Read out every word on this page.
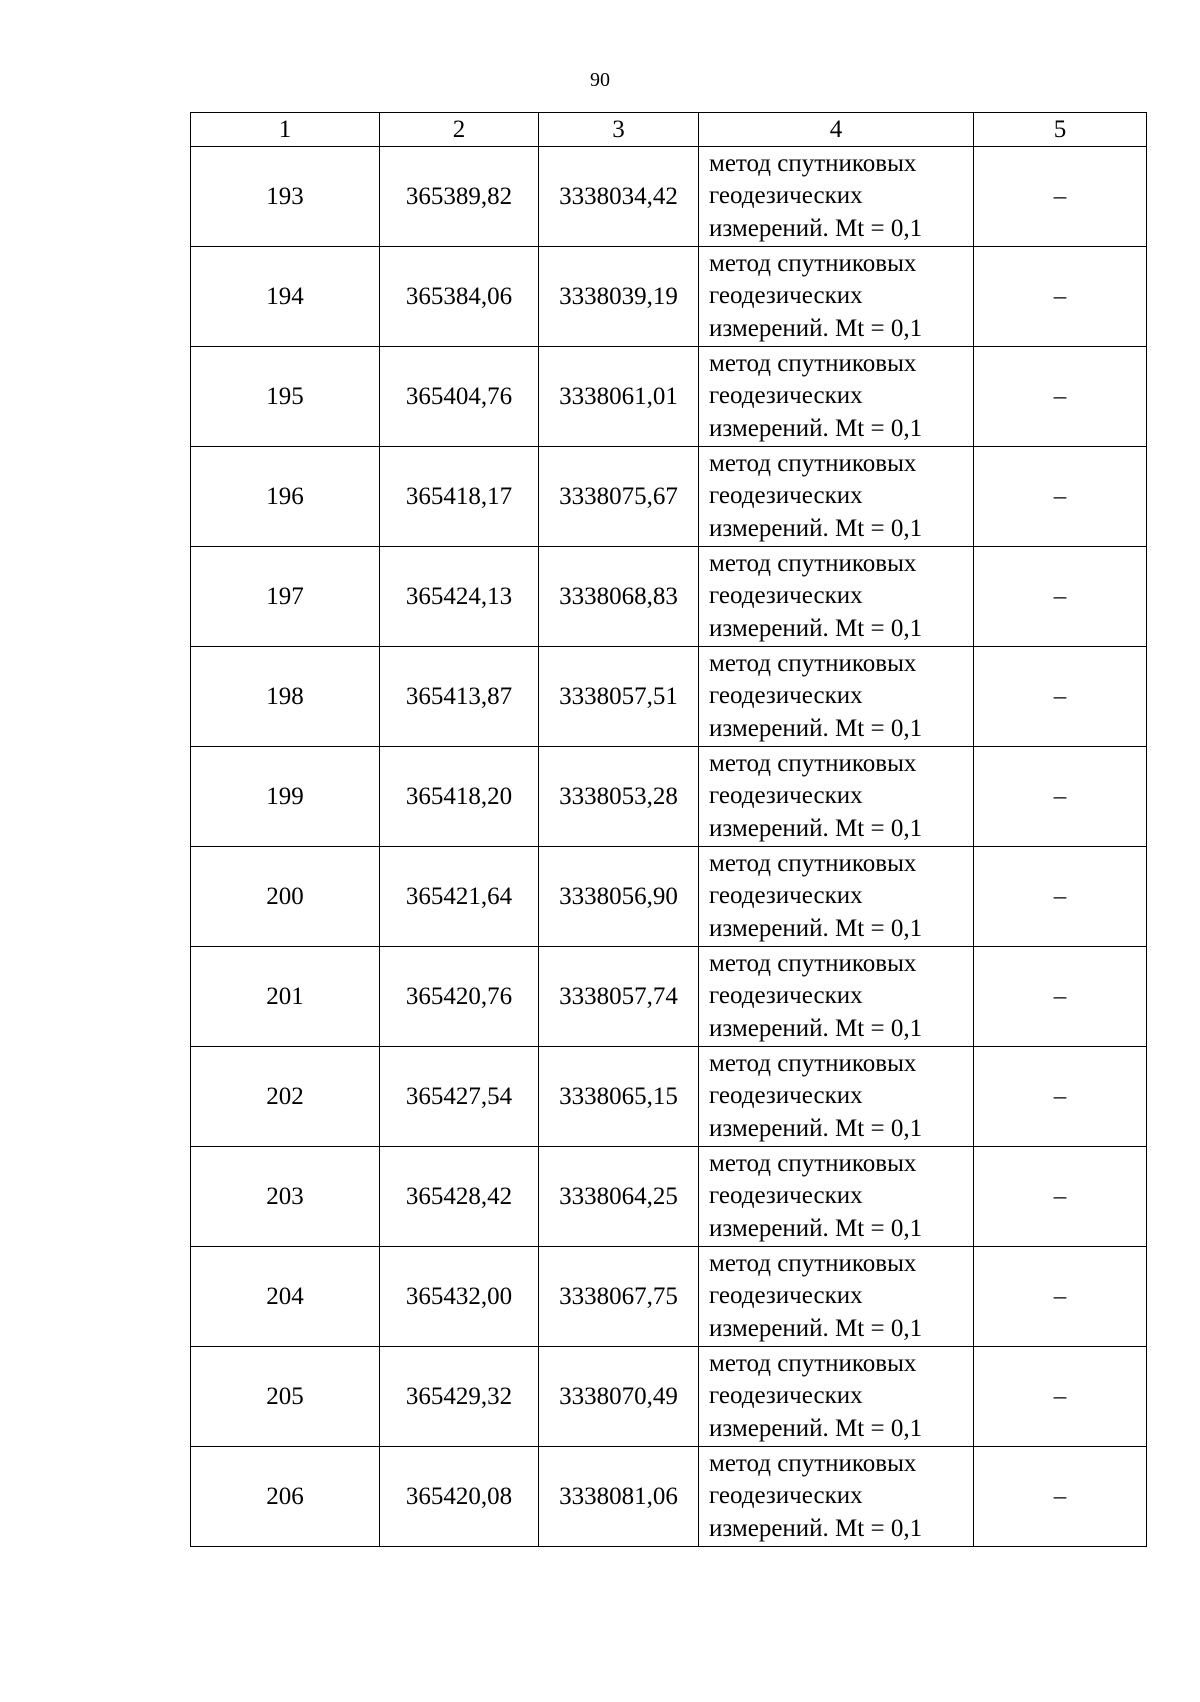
90
1	2	3	4	5
193	365389,82	3338034,42	метод спутниковых
геодезических
измерений. Mt = 0,1	–
194	365384,06	3338039,19	метод спутниковых
геодезических
измерений. Mt = 0,1	–
195	365404,76	3338061,01	метод спутниковых
геодезических
измерений. Mt = 0,1	–
196	365418,17	3338075,67	метод спутниковых
геодезических
измерений. Mt = 0,1	–
197	365424,13	3338068,83	метод спутниковых
геодезических
измерений. Mt = 0,1	–
198	365413,87	3338057,51	метод спутниковых
геодезических
измерений. Mt = 0,1	–
199	365418,20	3338053,28	метод спутниковых
геодезических
измерений. Mt = 0,1	–
200	365421,64	3338056,90	метод спутниковых
геодезических
измерений. Mt = 0,1	–
201	365420,76	3338057,74	метод спутниковых
геодезических
измерений. Mt = 0,1	–
202	365427,54	3338065,15	метод спутниковых
геодезических
измерений. Mt = 0,1	–
203	365428,42	3338064,25	метод спутниковых
геодезических
измерений. Mt = 0,1	–
204	365432,00	3338067,75	метод спутниковых
геодезических
измерений. Mt = 0,1	–
205	365429,32	3338070,49	метод спутниковых
геодезических
измерений. Mt = 0,1	–
206	365420,08	3338081,06	метод спутниковых
геодезических
измерений. Mt = 0,1	–
